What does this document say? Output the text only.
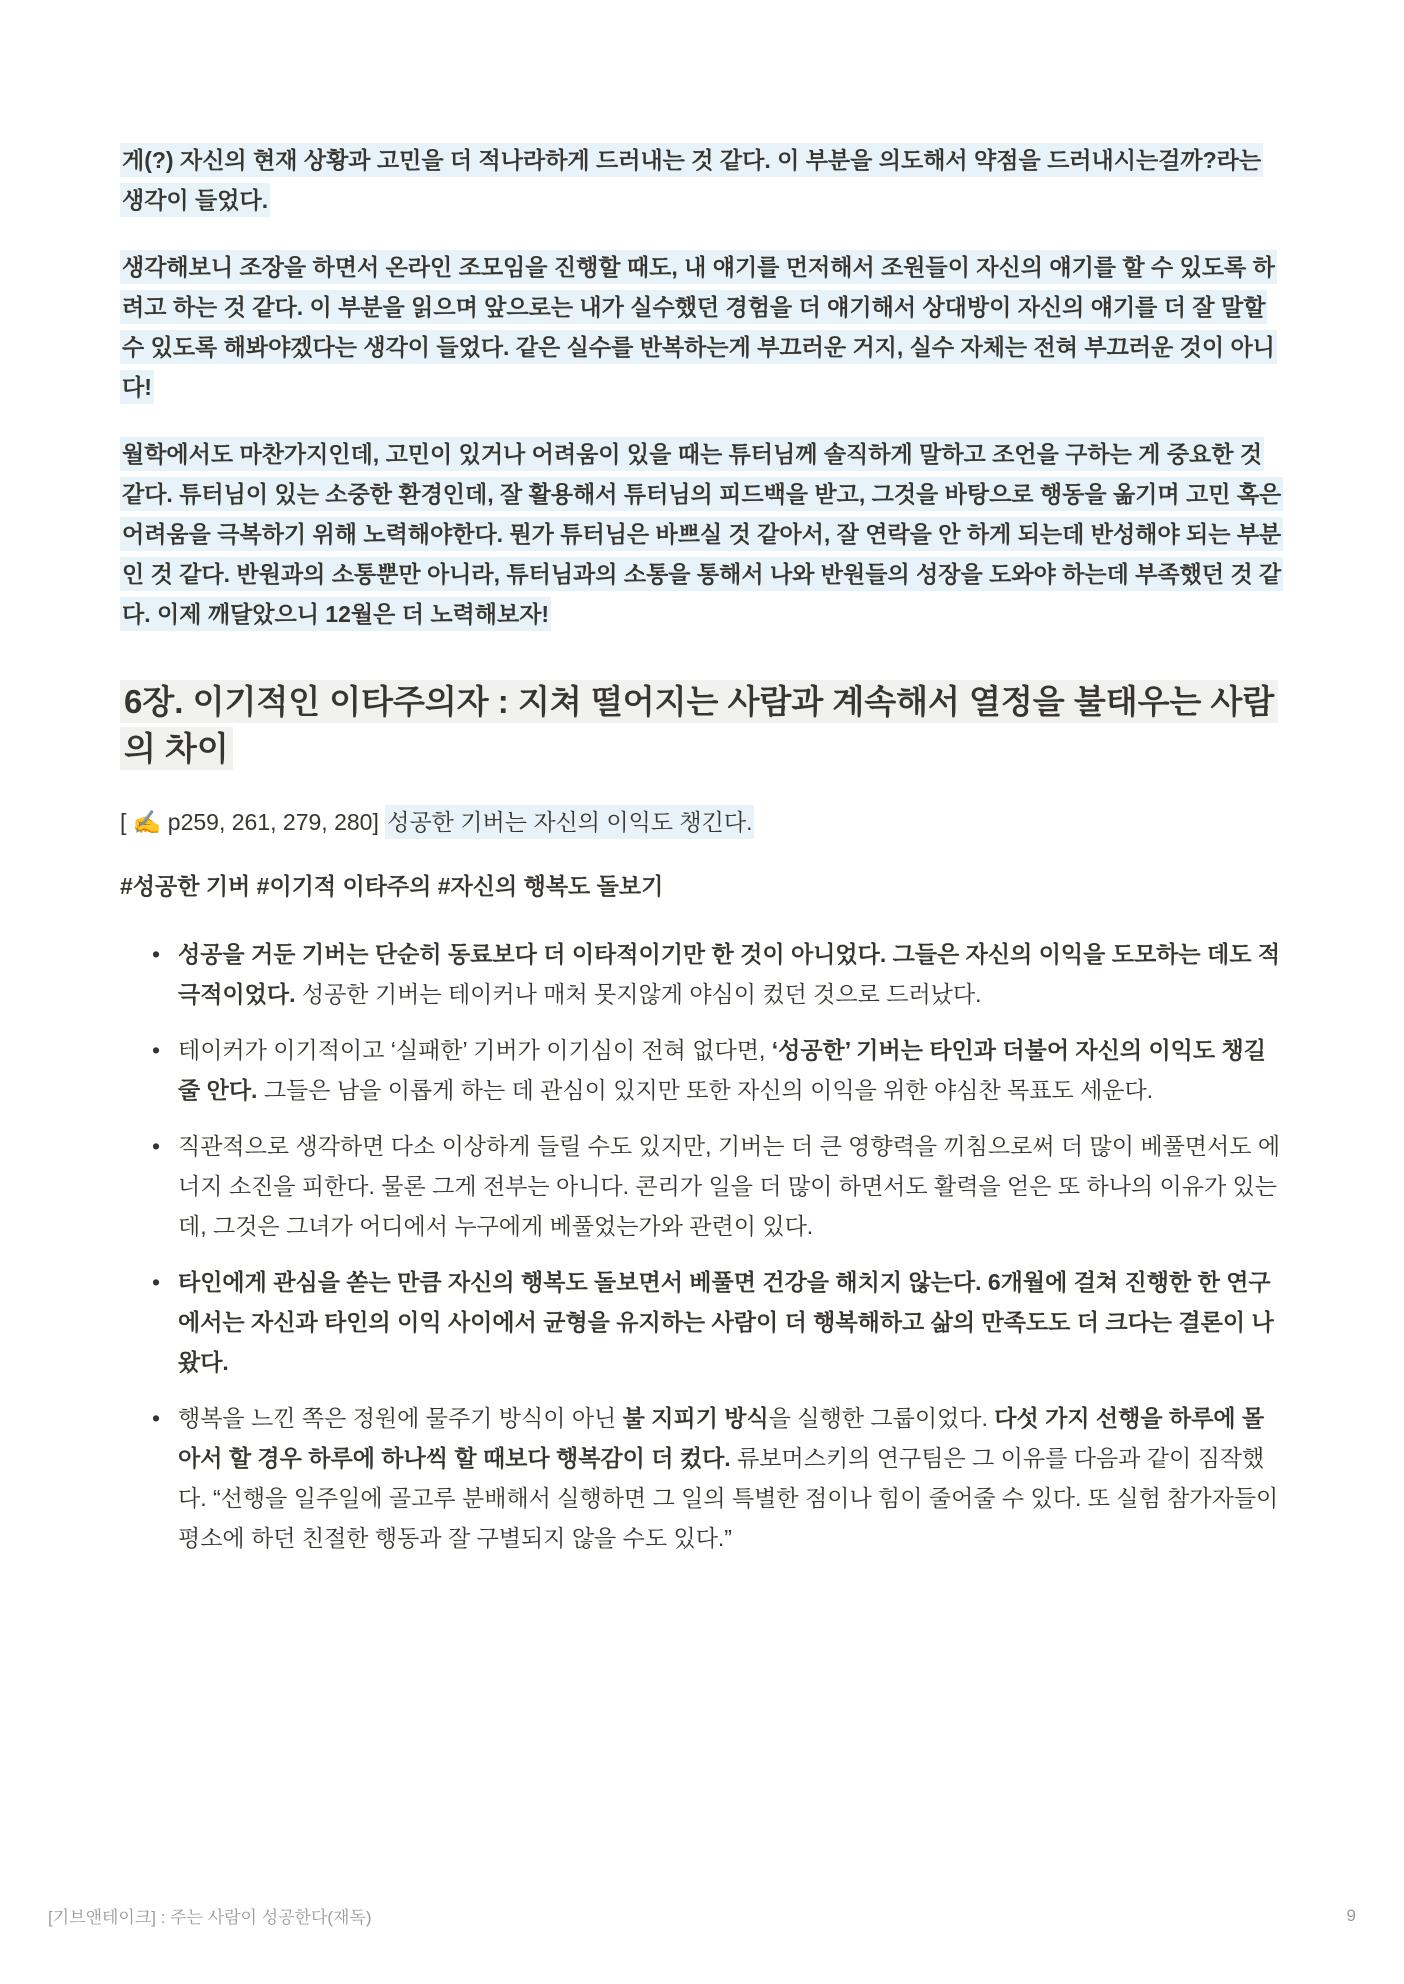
게(?) 자신의 현재 상황과 고민을 더 적나라하게 드러내는 것 같다. 이 부분을 의도해서 약점을 드러내시는걸까?라는 생각이 들었다.

생각해보니 조장을 하면서 온라인 조모임을 진행할 때도, 내 얘기를 먼저해서 조원들이 자신의 얘기를 할 수 있도록 하려고 하는 것 같다. 이 부분을 읽으며 앞으로는 내가 실수했던 경험을 더 얘기해서 상대방이 자신의 얘기를 더 잘 말할 수 있도록 해봐야겠다는 생각이 들었다. 같은 실수를 반복하는게 부끄러운 거지, 실수 자체는 전혀 부끄러운 것이 아니다!

월학에서도 마찬가지인데, 고민이 있거나 어려움이 있을 때는 튜터님께 솔직하게 말하고 조언을 구하는 게 중요한 것 같다. 튜터님이 있는 소중한 환경인데, 잘 활용해서 튜터님의 피드백을 받고, 그것을 바탕으로 행동을 옮기며 고민 혹은 어려움을 극복하기 위해 노력해야한다. 뭔가 튜터님은 바쁘실 것 같아서, 잘 연락을 안 하게 되는데 반성해야 되는 부분인 것 같다. 반원과의 소통뿐만 아니라, 튜터님과의 소통을 통해서 나와 반원들의 성장을 도와야 하는데 부족했던 것 같다. 이제 깨달았으니 12월은 더 노력해보자!

6장. 이기적인 이타주의자 : 지쳐 떨어지는 사람과 계속해서 열정을 불태우는 사람의 차이

[ ✍️ p259, 261, 279, 280] 성공한 기버는 자신의 이익도 챙긴다.

#성공한 기버 #이기적 이타주의 #자신의 행복도 돌보기

• 성공을 거둔 기버는 단순히 동료보다 더 이타적이기만 한 것이 아니었다. 그들은 자신의 이익을 도모하는 데도 적극적이었다. 성공한 기버는 테이커나 매처 못지않게 야심이 컸던 것으로 드러났다.
• 테이커가 이기적이고 ‘실패한’ 기버가 이기심이 전혀 없다면, ‘성공한’ 기버는 타인과 더불어 자신의 이익도 챙길 줄 안다. 그들은 남을 이롭게 하는 데 관심이 있지만 또한 자신의 이익을 위한 야심찬 목표도 세운다.
• 직관적으로 생각하면 다소 이상하게 들릴 수도 있지만, 기버는 더 큰 영향력을 끼침으로써 더 많이 베풀면서도 에너지 소진을 피한다. 물론 그게 전부는 아니다. 콘리가 일을 더 많이 하면서도 활력을 얻은 또 하나의 이유가 있는데, 그것은 그녀가 어디에서 누구에게 베풀었는가와 관련이 있다.
• 타인에게 관심을 쏟는 만큼 자신의 행복도 돌보면서 베풀면 건강을 해치지 않는다. 6개월에 걸쳐 진행한 한 연구에서는 자신과 타인의 이익 사이에서 균형을 유지하는 사람이 더 행복해하고 삶의 만족도도 더 크다는 결론이 나왔다.
• 행복을 느낀 쪽은 정원에 물주기 방식이 아닌 불 지피기 방식을 실행한 그룹이었다. 다섯 가지 선행을 하루에 몰아서 할 경우 하루에 하나씩 할 때보다 행복감이 더 컸다. 류보머스키의 연구팀은 그 이유를 다음과 같이 짐작했다. “선행을 일주일에 골고루 분배해서 실행하면 그 일의 특별한 점이나 힘이 줄어줄 수 있다. 또 실험 참가자들이 평소에 하던 친절한 행동과 잘 구별되지 않을 수도 있다.”
[기브앤테이크] : 주는 사람이 성공한다(재독)	9
